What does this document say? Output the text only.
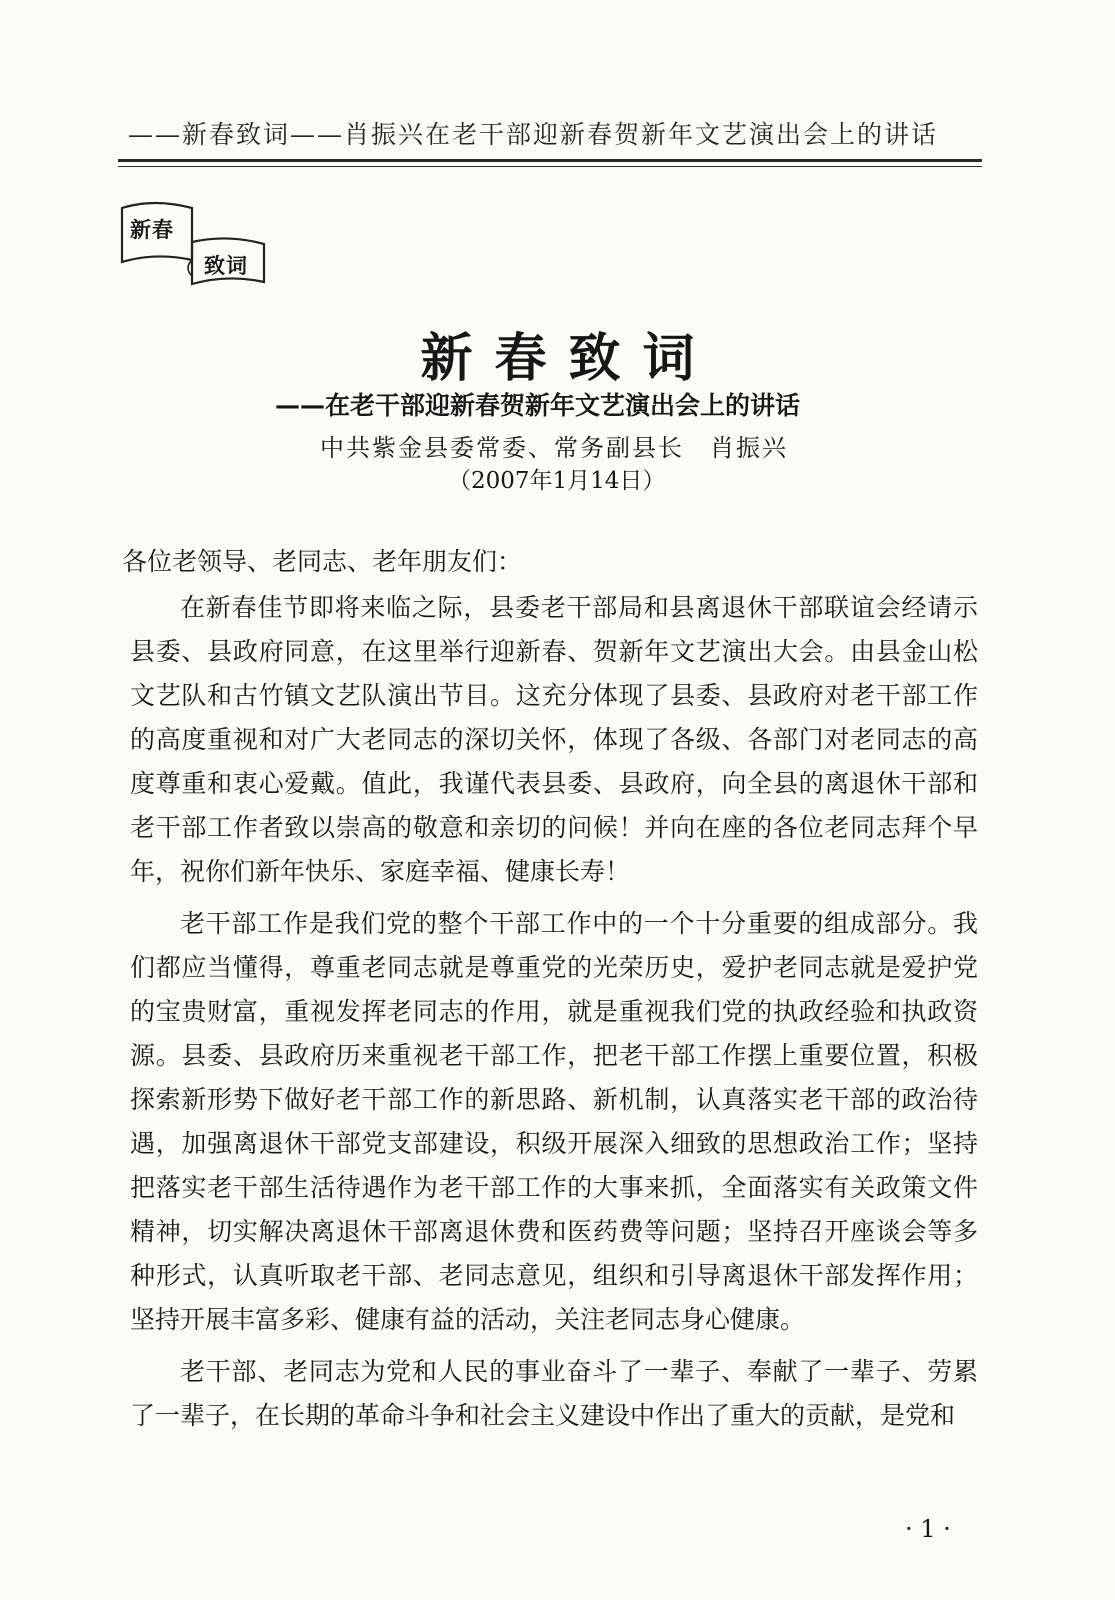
——新春致词——肖振兴在老干部迎新春贺新年文艺演出会上的讲话
新春
致词
新春致词
——在老干部迎新春贺新年文艺演出会上的讲话
中共紫金县委常委、常务副县长　肖振兴
（2007年1月14日）
各位老领导、老同志、老年朋友们：

在新春佳节即将来临之际，县委老干部局和县离退休干部联谊会经请示县委、县政府同意，在这里举行迎新春、贺新年文艺演出大会。由县金山松文艺队和古竹镇文艺队演出节目。这充分体现了县委、县政府对老干部工作的高度重视和对广大老同志的深切关怀，体现了各级、各部门对老同志的高度尊重和衷心爱戴。值此，我谨代表县委、县政府，向全县的离退休干部和老干部工作者致以崇高的敬意和亲切的问候！并向在座的各位老同志拜个早年，祝你们新年快乐、家庭幸福、健康长寿！

老干部工作是我们党的整个干部工作中的一个十分重要的组成部分。我们都应当懂得，尊重老同志就是尊重党的光荣历史，爱护老同志就是爱护党的宝贵财富，重视发挥老同志的作用，就是重视我们党的执政经验和执政资源。县委、县政府历来重视老干部工作，把老干部工作摆上重要位置，积极探索新形势下做好老干部工作的新思路、新机制，认真落实老干部的政治待遇，加强离退休干部党支部建设，积级开展深入细致的思想政治工作；坚持把落实老干部生活待遇作为老干部工作的大事来抓，全面落实有关政策文件精神，切实解决离退休干部离退休费和医药费等问题；坚持召开座谈会等多种形式，认真听取老干部、老同志意见，组织和引导离退休干部发挥作用；坚持开展丰富多彩、健康有益的活动，关注老同志身心健康。

老干部、老同志为党和人民的事业奋斗了一辈子、奉献了一辈子、劳累了一辈子，在长期的革命斗争和社会主义建设中作出了重大的贡献，是党和

· 1 ·
